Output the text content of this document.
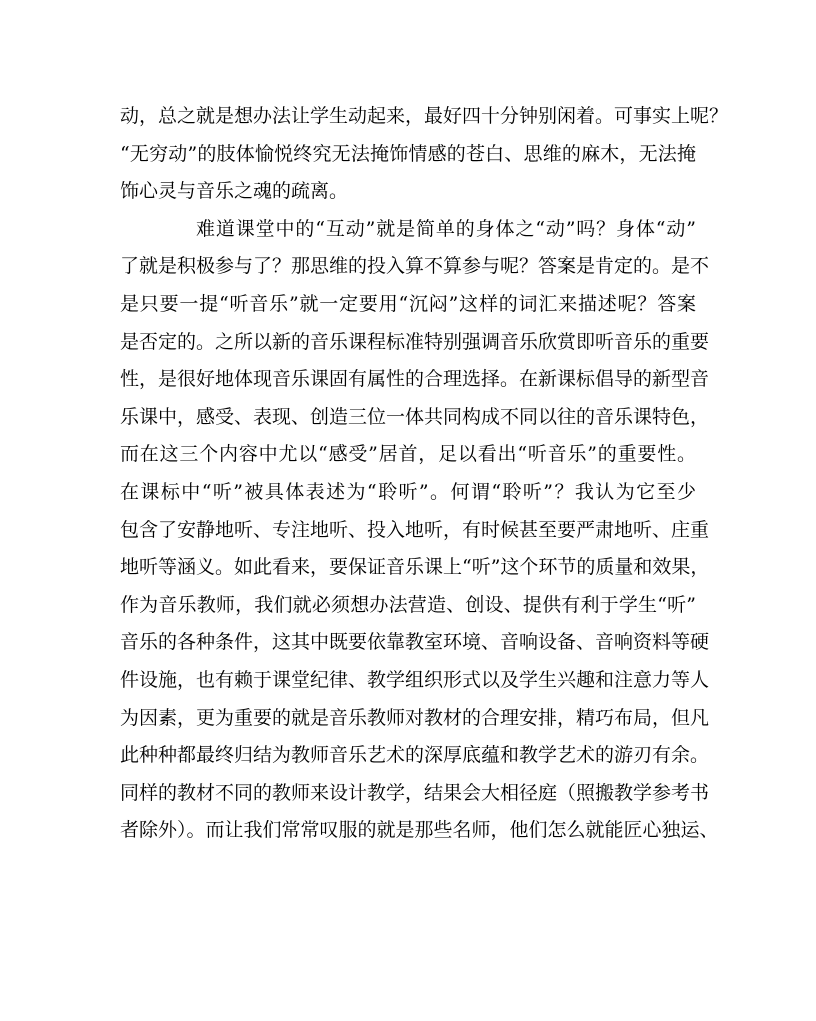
动，总之就是想办法让学生动起来，最好四十分钟别闲着。可事实上呢？
“无穷动”的肢体愉悦终究无法掩饰情感的苍白、思维的麻木，无法掩
饰心灵与音乐之魂的疏离。
难道课堂中的“互动”就是简单的身体之“动”吗？身体“动”
了就是积极参与了？那思维的投入算不算参与呢？答案是肯定的。是不
是只要一提“听音乐”就一定要用“沉闷”这样的词汇来描述呢？答案
是否定的。之所以新的音乐课程标准特别强调音乐欣赏即听音乐的重要
性，是很好地体现音乐课固有属性的合理选择。在新课标倡导的新型音
乐课中，感受、表现、创造三位一体共同构成不同以往的音乐课特色，
而在这三个内容中尤以“感受”居首，足以看出“听音乐”的重要性。
在课标中“听”被具体表述为“聆听”。何谓“聆听”？我认为它至少
包含了安静地听、专注地听、投入地听，有时候甚至要严肃地听、庄重
地听等涵义。如此看来，要保证音乐课上“听”这个环节的质量和效果，
作为音乐教师，我们就必须想办法营造、创设、提供有利于学生“听”
音乐的各种条件，这其中既要依靠教室环境、音响设备、音响资料等硬
件设施，也有赖于课堂纪律、教学组织形式以及学生兴趣和注意力等人
为因素，更为重要的就是音乐教师对教材的合理安排，精巧布局，但凡
此种种都最终归结为教师音乐艺术的深厚底蕴和教学艺术的游刃有余。
同样的教材不同的教师来设计教学，结果会大相径庭（照搬教学参考书
者除外）。而让我们常常叹服的就是那些名师，他们怎么就能匠心独运、
